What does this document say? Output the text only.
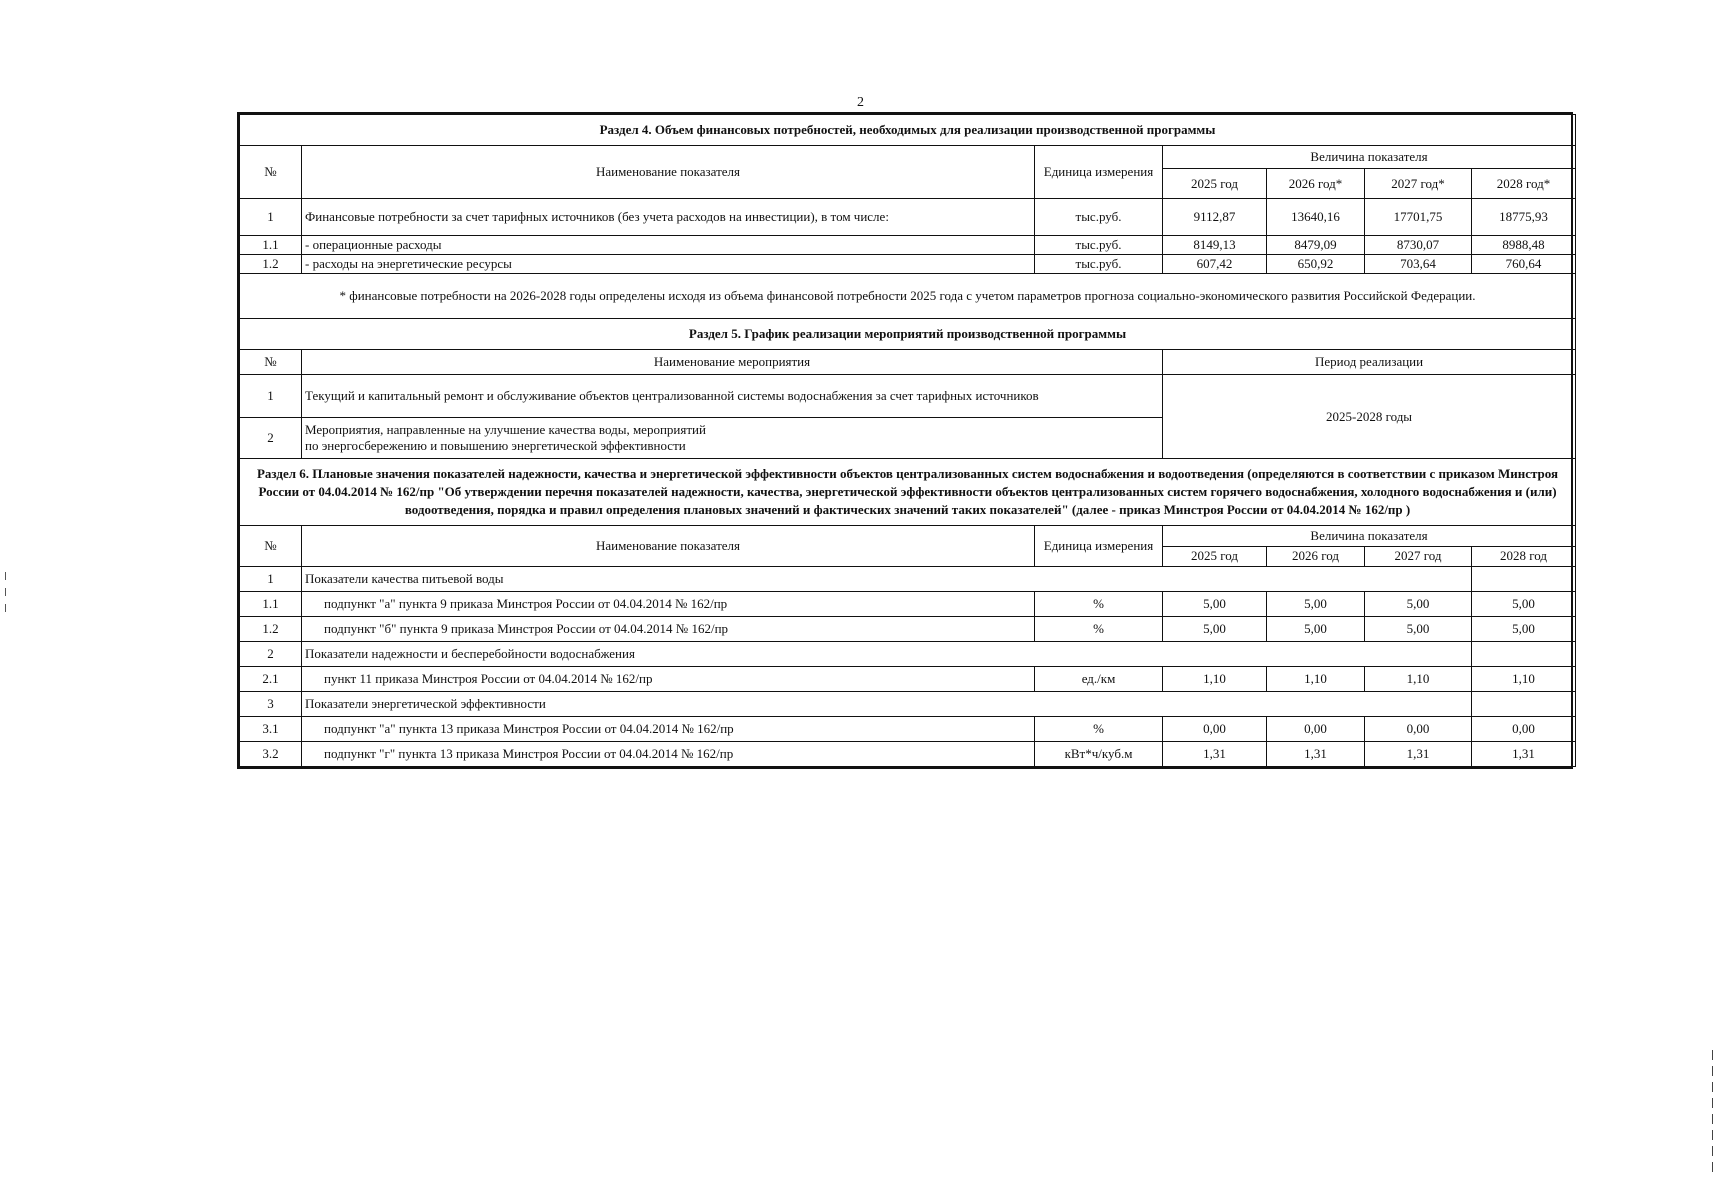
2
Раздел 4. Объем финансовых потребностей, необходимых для реализации производственной программы						
№	Наименование показателя	Единица измерения	Величина показателя			
			2025 год	2026 год*	2027 год*	2028 год*
1	Финансовые потребности за счет тарифных источников (без учета расходов на инвестиции), в том числе:	тыс.руб.	9112,87	13640,16	17701,75	18775,93
1.1	- операционные расходы	тыс.руб.	8149,13	8479,09	8730,07	8988,48
1.2	- расходы на энергетические ресурсы	тыс.руб.	607,42	650,92	703,64	760,64
* финансовые потребности на 2026-2028 годы определены исходя из объема финансовой потребности 2025 года с учетом параметров прогноза социально-экономического развития Российской Федерации.						
Раздел 5. График реализации мероприятий производственной программы						
№	Наименование мероприятия		Период реализации			
1	Текущий и капитальный ремонт и обслуживание объектов централизованной системы водоснабжения за счет тарифных источников		2025-2028 годы			
2	Мероприятия, направленные на улучшение качества воды, мероприятий
по энергосбережению и повышению энергетической эффективности					

Раздел 6. Плановые значения показателей надежности, качества и энергетической эффективности объектов централизованных систем водоснабжения и водоотведения (определяются в соответствии с приказом Минстроя России от 04.04.2014 № 162/пр "Об утверждении перечня показателей надежности, качества, энергетической эффективности объектов централизованных систем горячего водоснабжения, холодного водоснабжения и (или) водоотведения, порядка и правил определения плановых значений и фактических значений таких показателей" (далее - приказ Минстроя России от 04.04.2014 № 162/пр )						
№	Наименование показателя	Единица измерения	Величина показателя			
			2025 год	2026 год	2027 год	2028 год
1	Показатели качества питьевой воды					
1.1	подпункт "а" пункта 9 приказа Минстроя России от 04.04.2014 № 162/пр	%	5,00	5,00	5,00	5,00
1.2	подпункт "б" пункта 9 приказа Минстроя России от 04.04.2014 № 162/пр	%	5,00	5,00	5,00	5,00
2	Показатели надежности и бесперебойности водоснабжения					
2.1	пункт 11 приказа Минстроя России от 04.04.2014 № 162/пр	ед./км	1,10	1,10	1,10	1,10
3	Показатели энергетической эффективности					
3.1	подпункт "а" пункта 13 приказа Минстроя России от 04.04.2014 № 162/пр	%	0,00	0,00	0,00	0,00
3.2	подпункт "г" пункта 13 приказа Минстроя России от 04.04.2014 № 162/пр	кВт*ч/куб.м	1,31	1,31	1,31	1,31
